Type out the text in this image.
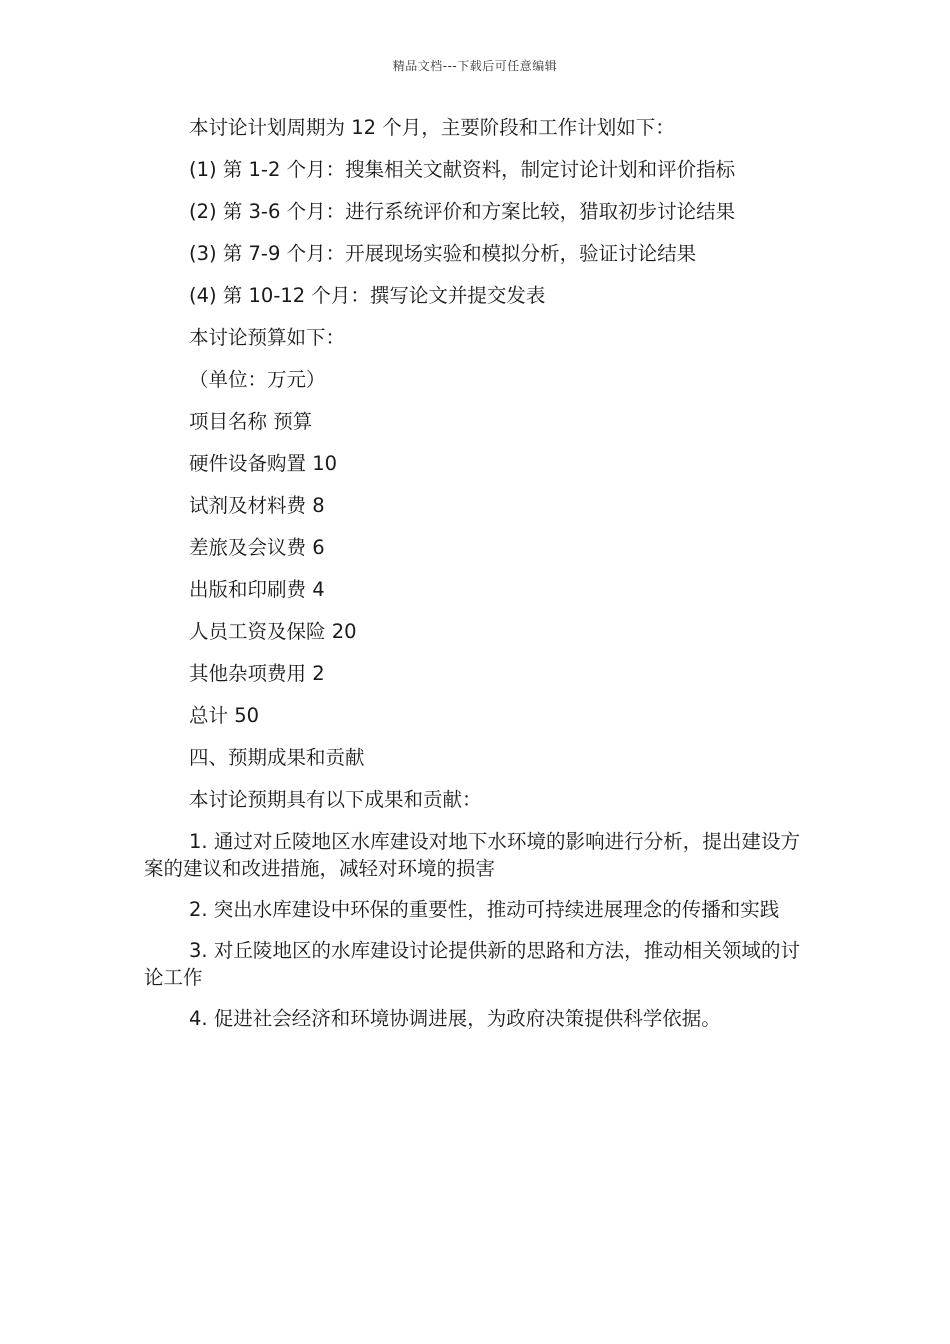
精品文档---下载后可任意编辑
本讨论计划周期为 12 个月，主要阶段和工作计划如下：
(1) 第 1-2 个月：搜集相关文献资料，制定讨论计划和评价指标
(2) 第 3-6 个月：进行系统评价和方案比较，猎取初步讨论结果
(3) 第 7-9 个月：开展现场实验和模拟分析，验证讨论结果
(4) 第 10-12 个月：撰写论文并提交发表
本讨论预算如下：
（单位：万元）
项目名称 预算
硬件设备购置 10
试剂及材料费 8
差旅及会议费 6
出版和印刷费 4
人员工资及保险 20
其他杂项费用 2
总计 50
四、预期成果和贡献
本讨论预期具有以下成果和贡献：

1. 通过对丘陵地区水库建设对地下水环境的影响进行分析，提出建设方案的建议和改进措施，减轻对环境的损害

2. 突出水库建设中环保的重要性，推动可持续进展理念的传播和实践

3. 对丘陵地区的水库建设讨论提供新的思路和方法，推动相关领域的讨论工作

4. 促进社会经济和环境协调进展，为政府决策提供科学依据。
